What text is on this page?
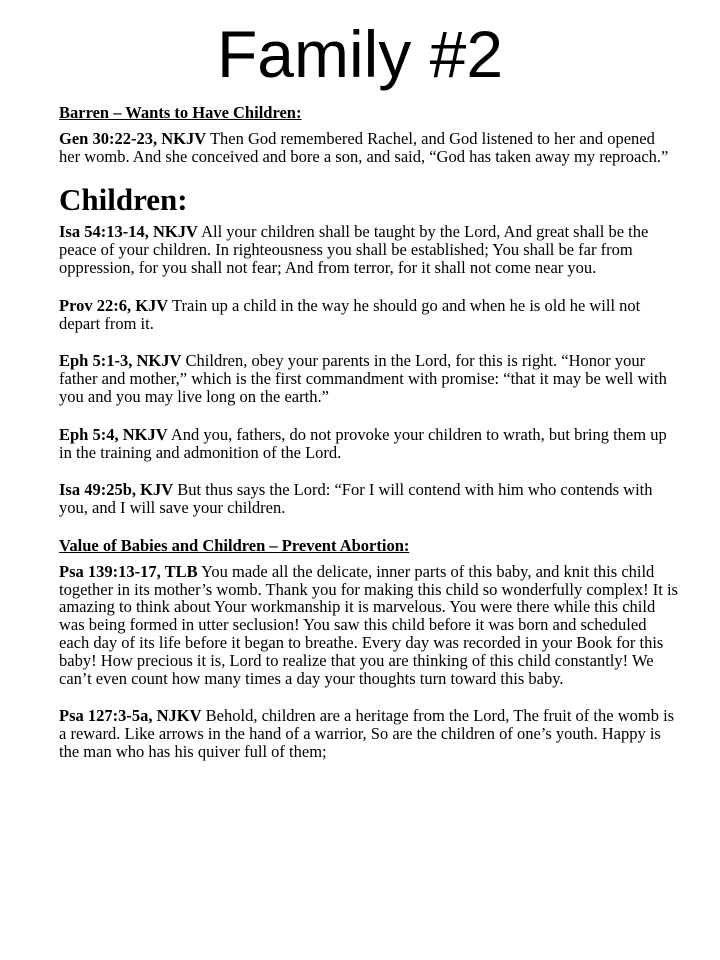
Family #2

Barren – Wants to Have Children:

Gen 30:22-23, NKJV Then God remembered Rachel, and God listened to her and opened her womb. And she conceived and bore a son, and said, “God has taken away my reproach.”

Children:

Isa 54:13-14, NKJV All your children shall be taught by the Lord, And great shall be the peace of your children. In righteousness you shall be established; You shall be far from oppression, for you shall not fear; And from terror, for it shall not come near you.

Prov 22:6, KJV Train up a child in the way he should go and when he is old he will not depart from it.

Eph 5:1-3, NKJV Children, obey your parents in the Lord, for this is right. “Honor your father and mother,” which is the first commandment with promise: “that it may be well with you and you may live long on the earth.”

Eph 5:4, NKJV And you, fathers, do not provoke your children to wrath, but bring them up in the training and admonition of the Lord.

Isa 49:25b, KJV But thus says the Lord: “For I will contend with him who contends with you, and I will save your children.

Value of Babies and Children – Prevent Abortion:

Psa 139:13-17, TLB You made all the delicate, inner parts of this baby, and knit this child together in its mother’s womb. Thank you for making this child so wonderfully complex! It is amazing to think about Your workmanship it is marvelous. You were there while this child was being formed in utter seclusion! You saw this child before it was born and scheduled each day of its life before it began to breathe. Every day was recorded in your Book for this baby! How precious it is, Lord to realize that you are thinking of this child constantly! We can’t even count how many times a day your thoughts turn toward this baby.

Psa 127:3-5a, NJKV Behold, children are a heritage from the Lord, The fruit of the womb is a reward. Like arrows in the hand of a warrior, So are the children of one’s youth. Happy is the man who has his quiver full of them;
